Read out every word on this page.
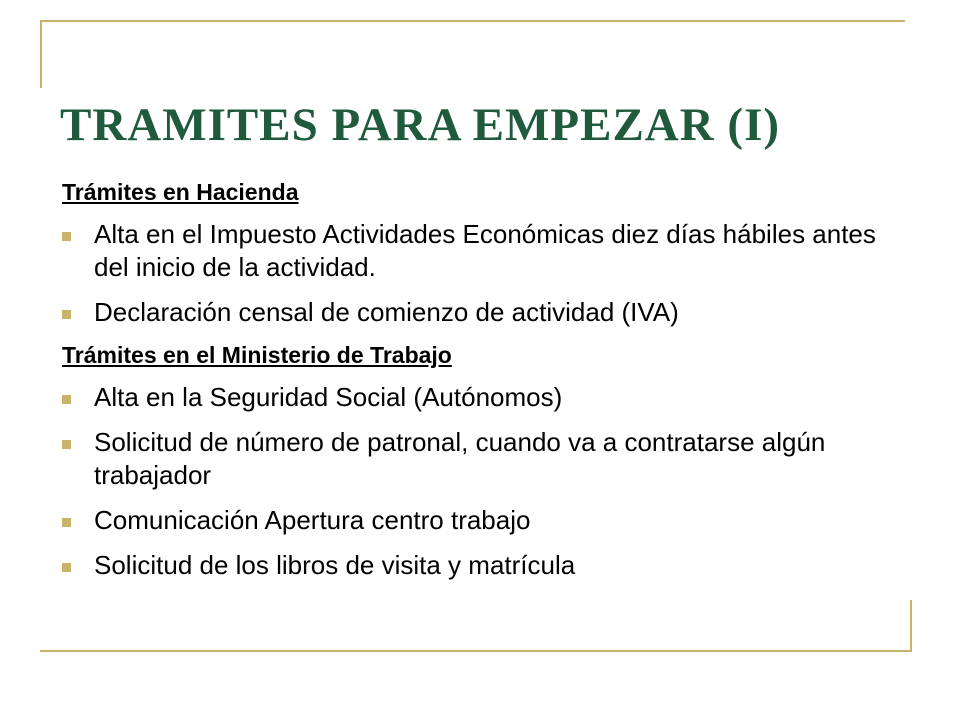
TRAMITES PARA EMPEZAR (I)
Trámites en Hacienda
Alta en el Impuesto Actividades Económicas diez días hábiles antes del inicio de la actividad.
Declaración censal de comienzo de actividad (IVA)
Trámites en el Ministerio de Trabajo
Alta en la Seguridad Social (Autónomos)
Solicitud de número de patronal, cuando va a contratarse algún trabajador
Comunicación Apertura centro trabajo
Solicitud de los libros de visita y matrícula
